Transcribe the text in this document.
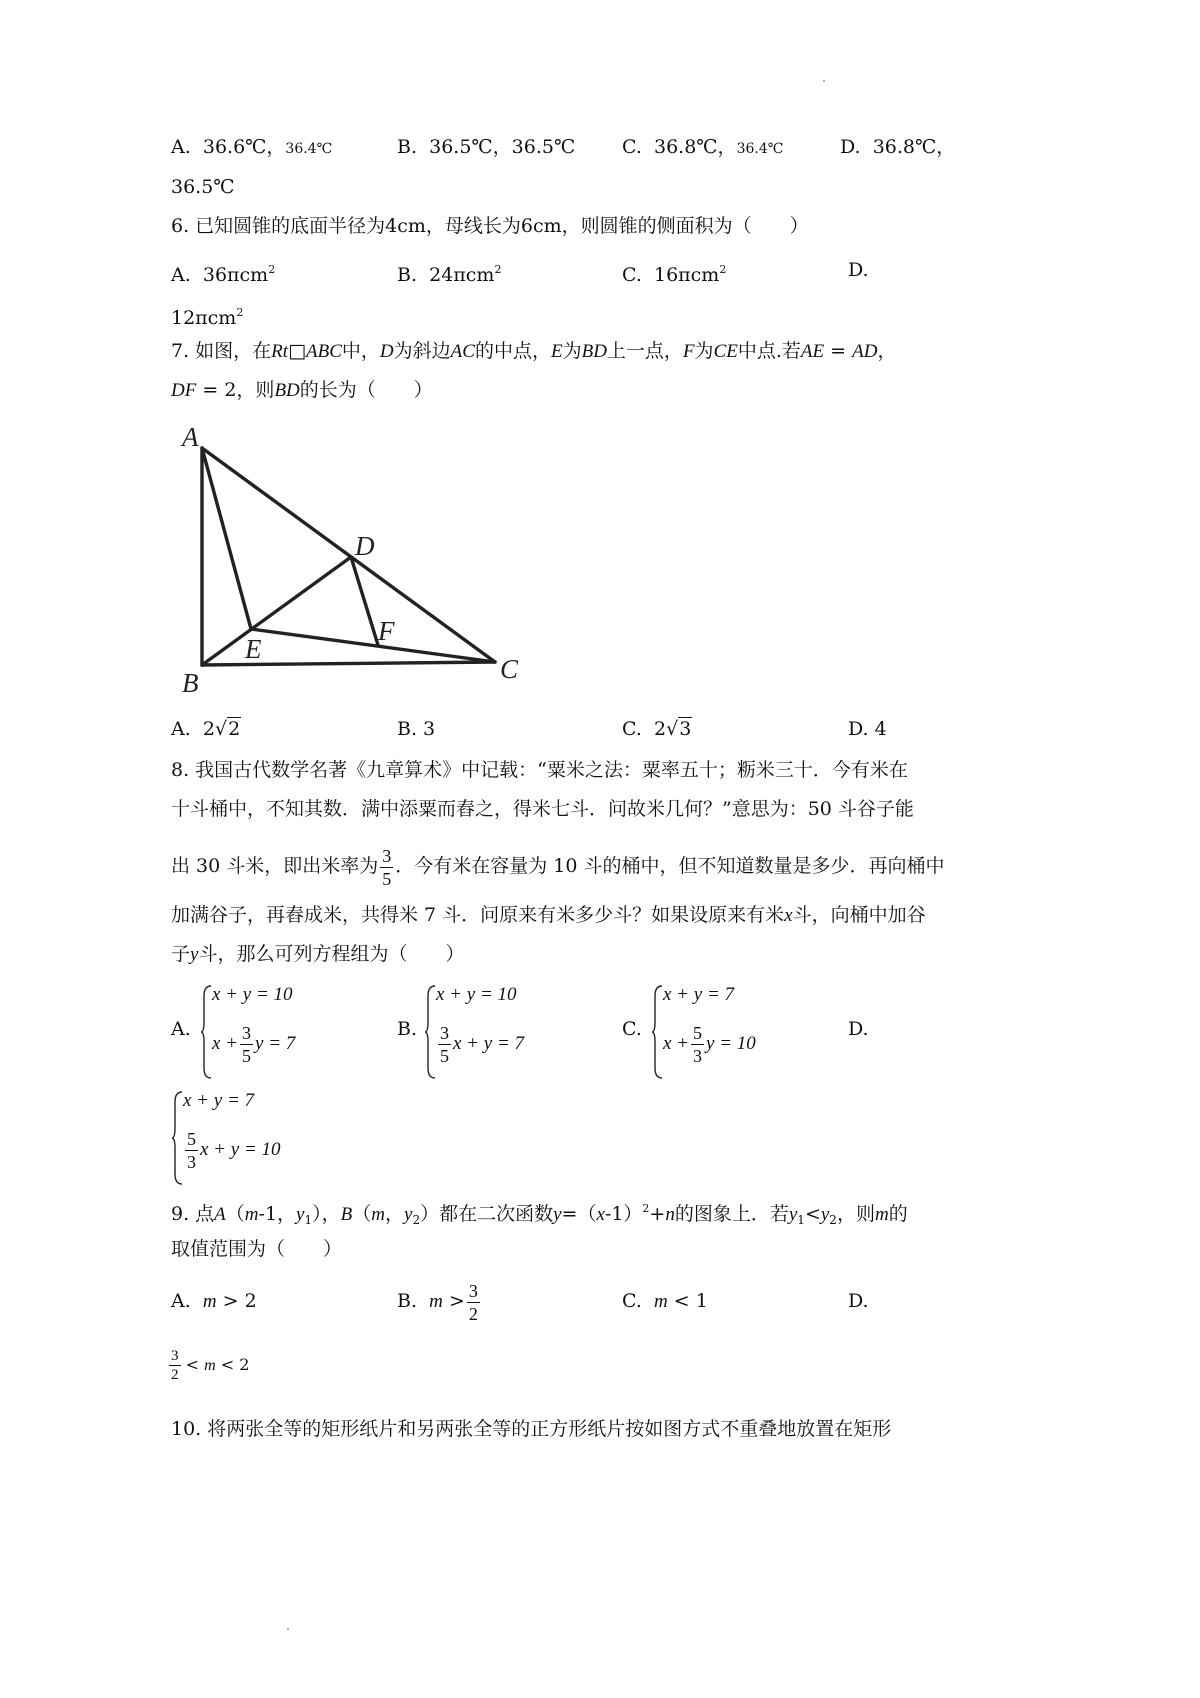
A. 36.6℃，36.4℃	B. 36.5℃，36.5℃ C. 36.8℃，36.4℃	D. 36.8℃，
36.5℃
6. 已知圆锥的底面半径为4cm，母线长为6cm，则圆锥的侧面积为（　　）
A. 36πcm$^2$	B. 24πcm$^2$	C. 16πcm$^2$	D.
12πcm$^2$
7. 如图，在Rt□ABC中，D为斜边AC的中点，E为BD上一点，F为CE中点.若AE = AD，
DF = 2，则BD的长为（　　）
A
B	C
D
E
F
A. 2√2	B. 3	C. 2√3	D. 4
8. 我国古代数学名著《九章算术》中记载：“粟米之法：粟率五十；粝米三十．今有米在
十斗桶中，不知其数．满中添粟而舂之，得米七斗．问故米几何？”意思为：50 斗谷子能
出 30 斗米，即出米率为 $\frac{3}{5}$ ．今有米在容量为 10 斗的桶中，但不知道数量是多少．再向桶中
加满谷子，再舂成米，共得米 7 斗．问原来有米多少斗？如果设原来有米x斗，向桶中加谷
子y斗，那么可列方程组为（　　）
A.
x + y = 10
$x + \frac{3}{5}$ y = 7
B.
x + y = 10
$\frac{3}{5}$ x + y = 7
C.
x + y = 7
$x + \frac{5}{3}$ y = 10
D.
x + y = 7
$\frac{5}{3}$ x + y = 10
9. 点A（m-1，$y_1$），B（m，$y_2$）都在二次函数$y=(x-1)^2+n$的图象上．若$y_1<y_2$，则m的
取值范围为（　　）
A. m > 2	B. $m > \frac{3}{2}$	C. m < 1	D.
$\frac{3}{2} < m < 2$
10. 将两张全等的矩形纸片和另两张全等的正方形纸片按如图方式不重叠地放置在矩形
